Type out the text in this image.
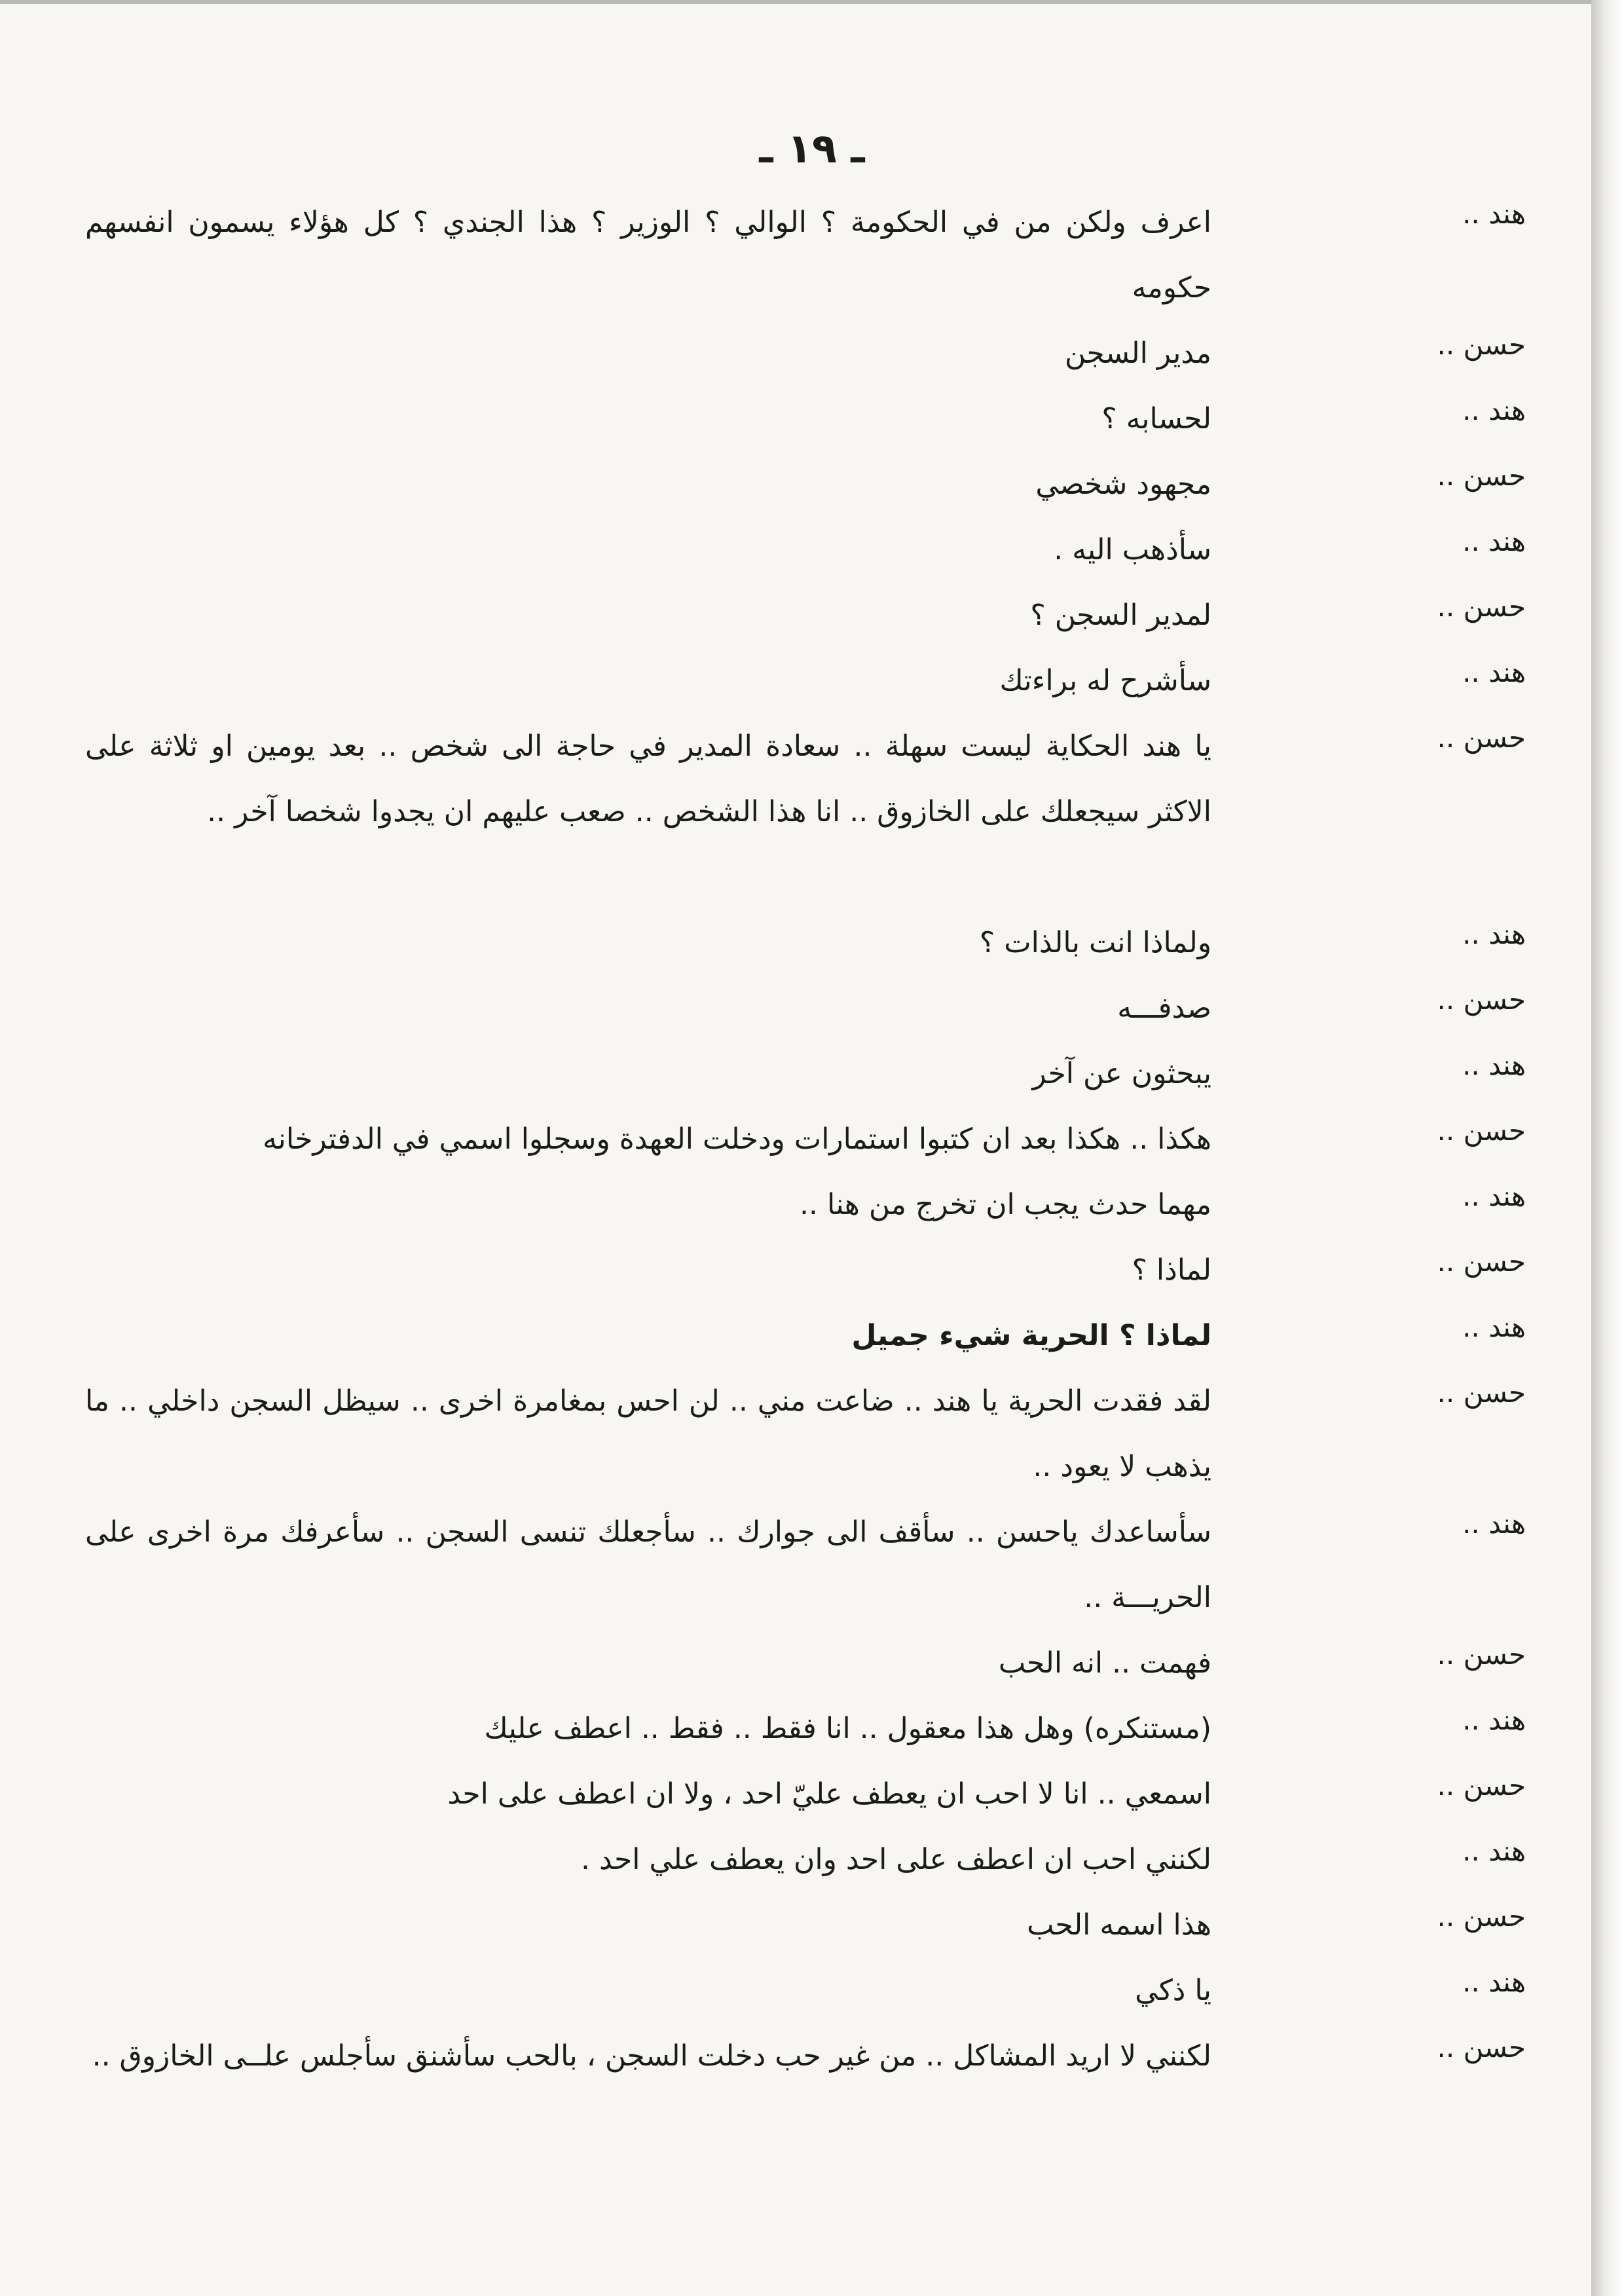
ـ ١٩ ـ
هند ..
اعرف ولكن من في الحكومة ؟ الوالي ؟ الوزير ؟ هذا الجندي ؟ كل هؤلاء يسمون انفسهم حكومه
حسن ..
مدير السجن
هند ..
لحسابه ؟
حسن ..
مجهود شخصي
هند ..
سأذهب اليه .
حسن ..
لمدير السجن ؟
هند ..
سأشرح له براءتك
حسن ..
يا هند الحكاية ليست سهلة .. سعادة المدير في حاجة الى شخص .. بعد يومين او ثلاثة على الاكثر سيجعلك على الخازوق .. انا هذا الشخص .. صعب عليهم ان يجدوا شخصا آخر ..
هند ..
ولماذا انت بالذات ؟
حسن ..
صدفـــه
هند ..
يبحثون عن آخر
حسن ..
هكذا .. هكذا بعد ان كتبوا استمارات ودخلت العهدة وسجلوا اسمي في الدفترخانه
هند ..
مهما حدث يجب ان تخرج من هنا ..
حسن ..
لماذا ؟
هند ..
لماذا ؟ الحرية شيء جميل
حسن ..
لقد فقدت الحرية يا هند .. ضاعت مني .. لن احس بمغامرة اخرى .. سيظل السجن داخلي .. ما يذهب لا يعود ..
هند ..
سأساعدك ياحسن .. سأقف الى جوارك .. سأجعلك تنسى السجن .. سأعرفك مرة اخرى على الحريـــة ..
حسن ..
فهمت .. انه الحب
هند ..
(مستنكره) وهل هذا معقول .. انا فقط .. فقط .. اعطف عليك
حسن ..
اسمعي .. انا لا احب ان يعطف عليّ احد ، ولا ان اعطف على احد
هند ..
لكنني احب ان اعطف على احد وان يعطف علي احد .
حسن ..
هذا اسمه الحب
هند ..
يا ذكي
حسن ..
لكنني لا اريد المشاكل .. من غير حب دخلت السجن ، بالحب سأشنق سأجلس علــى الخازوق ..
